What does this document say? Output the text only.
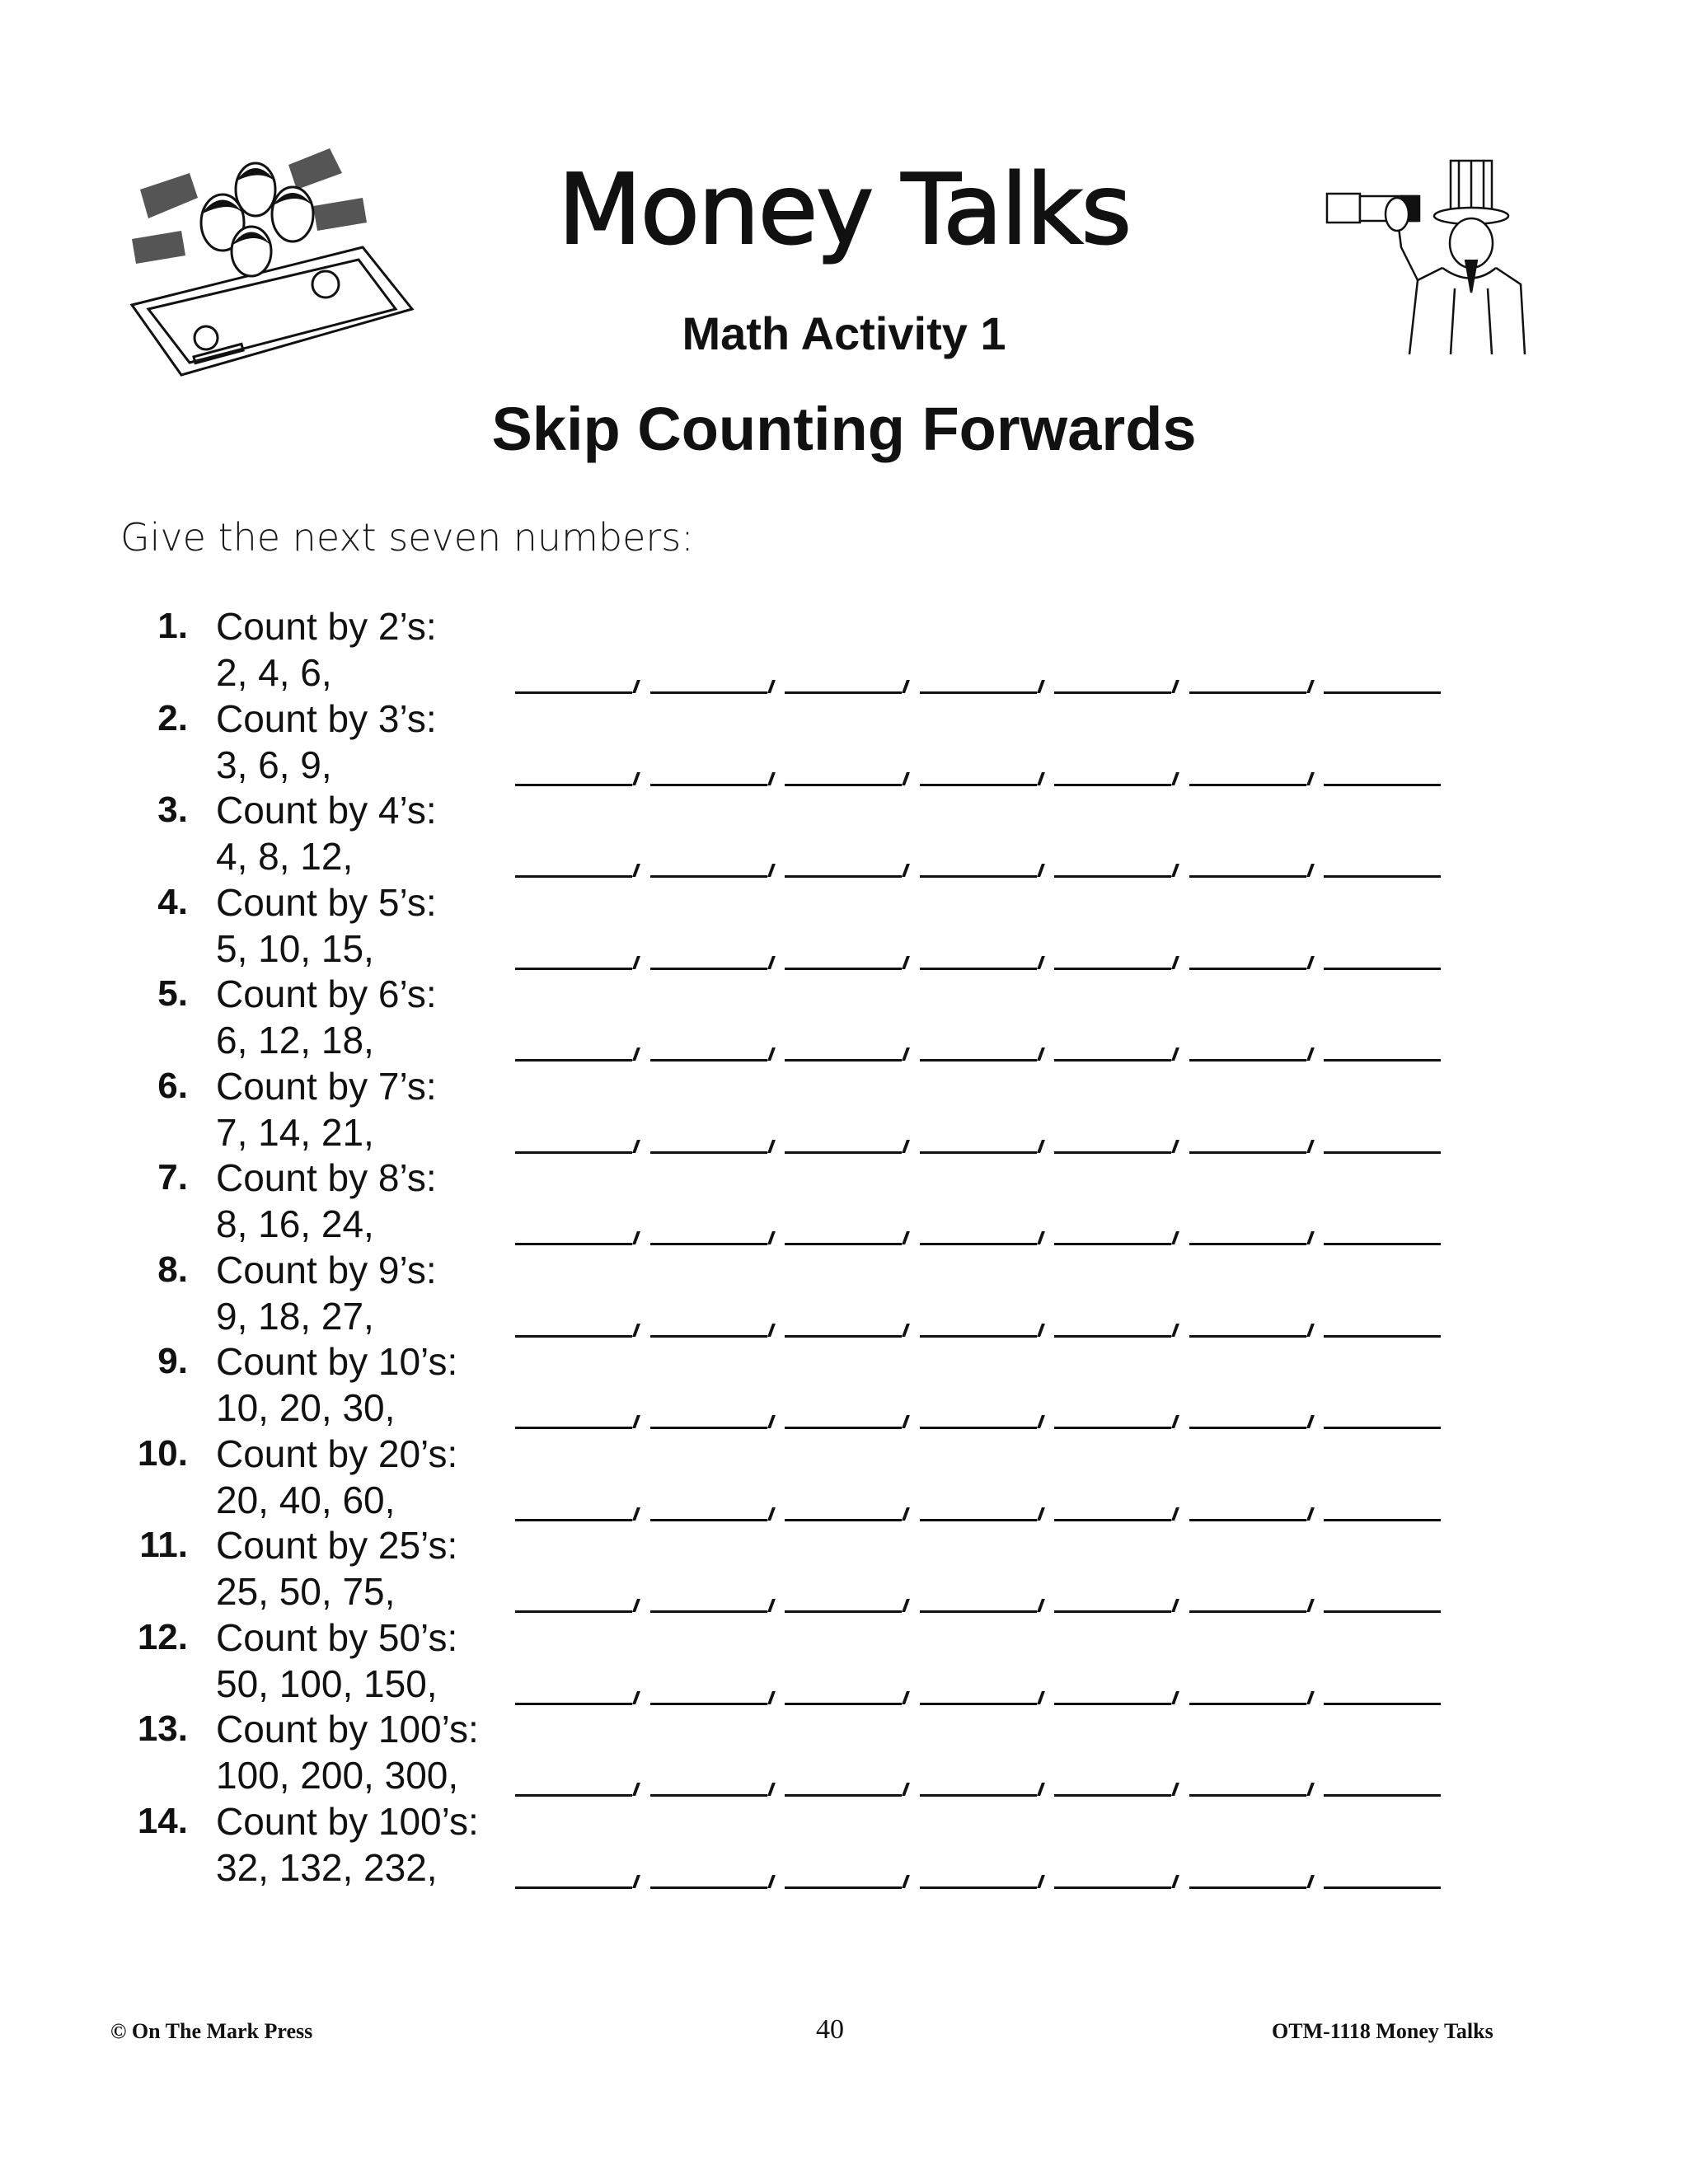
Money Talks
Math Activity 1
Skip Counting Forwards
Give the next seven numbers:
1. Count by 2’s:
2, 4, 6,
2. Count by 3’s:
3, 6, 9,
3. Count by 4’s:
4, 8, 12,
4. Count by 5’s:
5, 10, 15,
5. Count by 6’s:
6, 12, 18,
6. Count by 7’s:
7, 14, 21,
7. Count by 8’s:
8, 16, 24,
8. Count by 9’s:
9, 18, 27,
9. Count by 10’s:
10, 20, 30,
10. Count by 20’s:
20, 40, 60,
11. Count by 25’s:
25, 50, 75,
12. Count by 50’s:
50, 100, 150,
13. Count by 100’s:
100, 200, 300,
14. Count by 100’s:
32, 132, 232,
© On The Mark Press	40	OTM-1118 Money Talks
